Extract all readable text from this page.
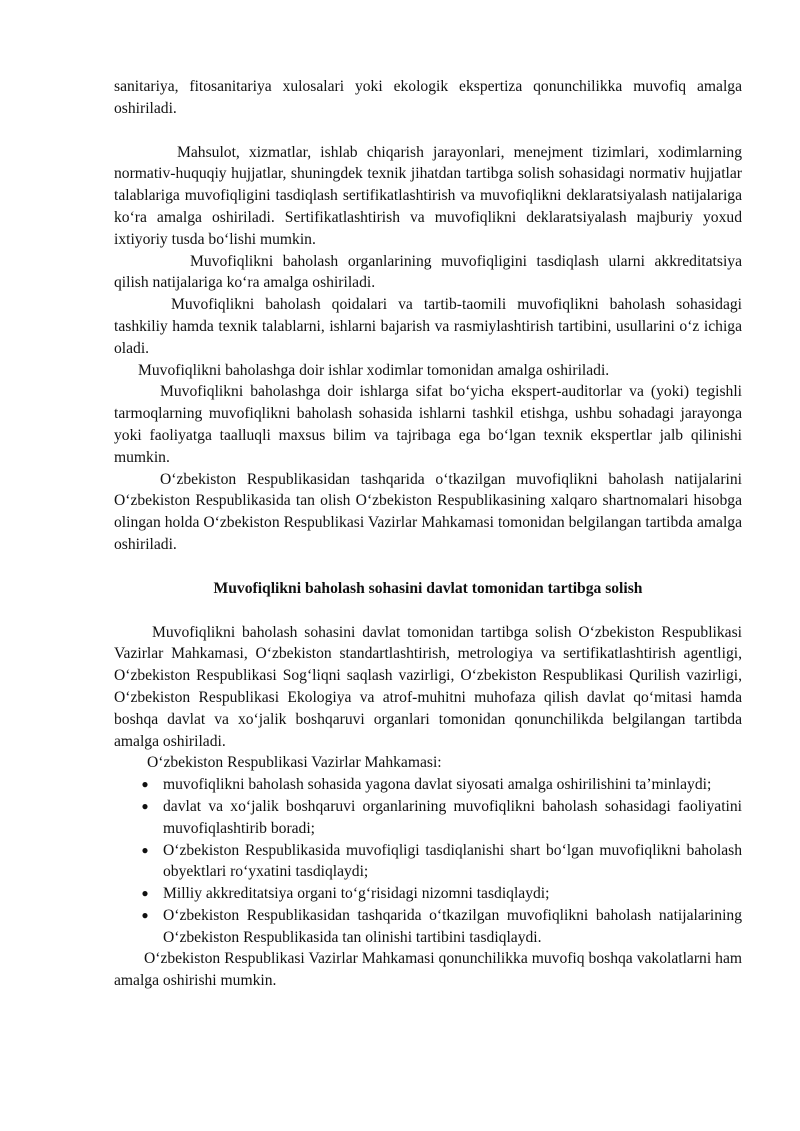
sanitariya, fitosanitariya xulosalari yoki ekologik ekspertiza qonunchilikka muvofiq amalga oshiriladi.

Mahsulot, xizmatlar, ishlab chiqarish jarayonlari, menejment tizimlari, xodimlarning normativ-huquqiy hujjatlar, shuningdek texnik jihatdan tartibga solish sohasidagi normativ hujjatlar talablariga muvofiqligini tasdiqlash sertifikatlashtirish va muvofiqlikni deklaratsiyalash natijalariga ko‘ra amalga oshiriladi. Sertifikatlashtirish va muvofiqlikni deklaratsiyalash majburiy yoxud ixtiyoriy tusda bo‘lishi mumkin.

Muvofiqlikni baholash organlarining muvofiqligini tasdiqlash ularni akkreditatsiya qilish natijalariga ko‘ra amalga oshiriladi.

Muvofiqlikni baholash qoidalari va tartib-taomili muvofiqlikni baholash sohasidagi tashkiliy hamda texnik talablarni, ishlarni bajarish va rasmiylashtirish tartibini, usullarini o‘z ichiga oladi.

Muvofiqlikni baholashga doir ishlar xodimlar tomonidan amalga oshiriladi.

Muvofiqlikni baholashga doir ishlarga sifat bo‘yicha ekspert-auditorlar va (yoki) tegishli tarmoqlarning muvofiqlikni baholash sohasida ishlarni tashkil etishga, ushbu sohadagi jarayonga yoki faoliyatga taalluqli maxsus bilim va tajribaga ega bo‘lgan texnik ekspertlar jalb qilinishi mumkin.

O‘zbekiston Respublikasidan tashqarida o‘tkazilgan muvofiqlikni baholash natijalarini O‘zbekiston Respublikasida tan olish O‘zbekiston Respublikasining xalqaro shartnomalari hisobga olingan holda O‘zbekiston Respublikasi Vazirlar Mahkamasi tomonidan belgilangan tartibda amalga oshiriladi.

Muvofiqlikni baholash sohasini davlat tomonidan tartibga solish

Muvofiqlikni baholash sohasini davlat tomonidan tartibga solish O‘zbekiston Respublikasi Vazirlar Mahkamasi, O‘zbekiston standartlashtirish, metrologiya va sertifikatlashtirish agentligi, O‘zbekiston Respublikasi Sog‘liqni saqlash vazirligi, O‘zbekiston Respublikasi Qurilish vazirligi, O‘zbekiston Respublikasi Ekologiya va atrof-muhitni muhofaza qilish davlat qo‘mitasi hamda boshqa davlat va xo‘jalik boshqaruvi organlari tomonidan qonunchilikda belgilangan tartibda amalga oshiriladi.

O‘zbekiston Respublikasi Vazirlar Mahkamasi:

● muvofiqlikni baholash sohasida yagona davlat siyosati amalga oshirilishini ta’minlaydi;
● davlat va xo‘jalik boshqaruvi organlarining muvofiqlikni baholash sohasidagi faoliyatini muvofiqlashtirib boradi;
● O‘zbekiston Respublikasida muvofiqligi tasdiqlanishi shart bo‘lgan muvofiqlikni baholash obyektlari ro‘yxatini tasdiqlaydi;
● Milliy akkreditatsiya organi to‘g‘risidagi nizomni tasdiqlaydi;
● O‘zbekiston Respublikasidan tashqarida o‘tkazilgan muvofiqlikni baholash natijalarining O‘zbekiston Respublikasida tan olinishi tartibini tasdiqlaydi.

O‘zbekiston Respublikasi Vazirlar Mahkamasi qonunchilikka muvofiq boshqa vakolatlarni ham amalga oshirishi mumkin.
